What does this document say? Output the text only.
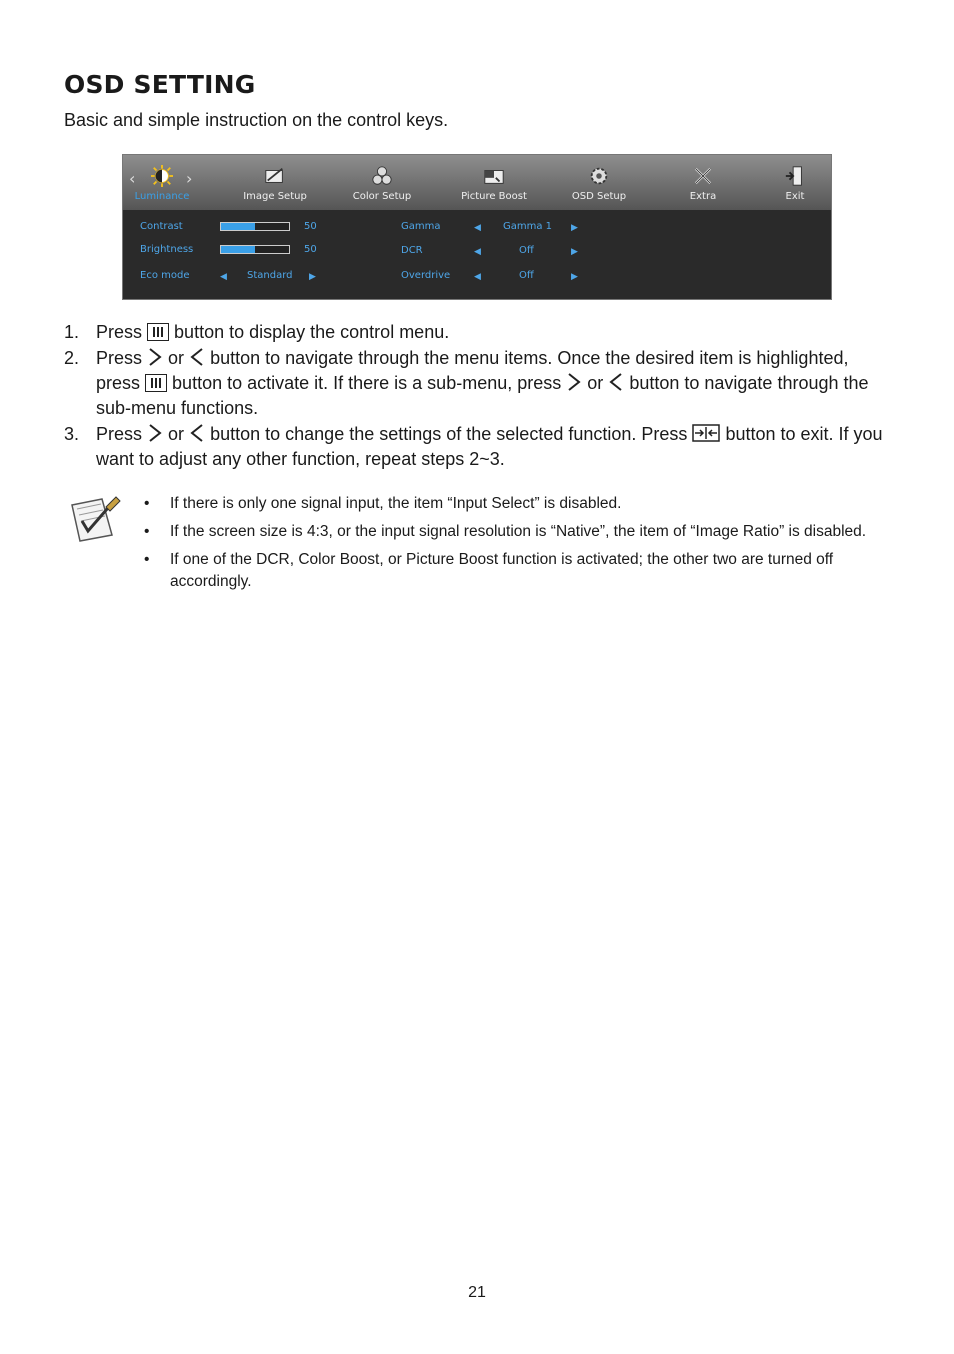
OSD SETTING
Basic and simple instruction on the control keys.
‹	›
Luminance	Image Setup	Color Setup	Picture Boost	OSD Setup	Extra	Exit
Contrast	50
Brightness	50
Eco mode	◀ Standard ▶
Gamma	◀ Gamma 1 ▶
DCR	◀	Off	▶
Overdrive	◀	Off	▶
1. Press button to display the control menu.
2. Press or button to navigate through the menu items. Once the desired item is highlighted, press button to activate it. If there is a sub-menu, press or button to navigate through the sub-menu functions.
3. Press or button to change the settings of the selected function. Press button to exit. If you want to adjust any other function, repeat steps 2~3.
• If there is only one signal input, the item “Input Select” is disabled.
• If the screen size is 4:3, or the input signal resolution is “Native”, the item of “Image Ratio” is disabled.
• If one of the DCR, Color Boost, or Picture Boost function is activated; the other two are turned off accordingly.
21
